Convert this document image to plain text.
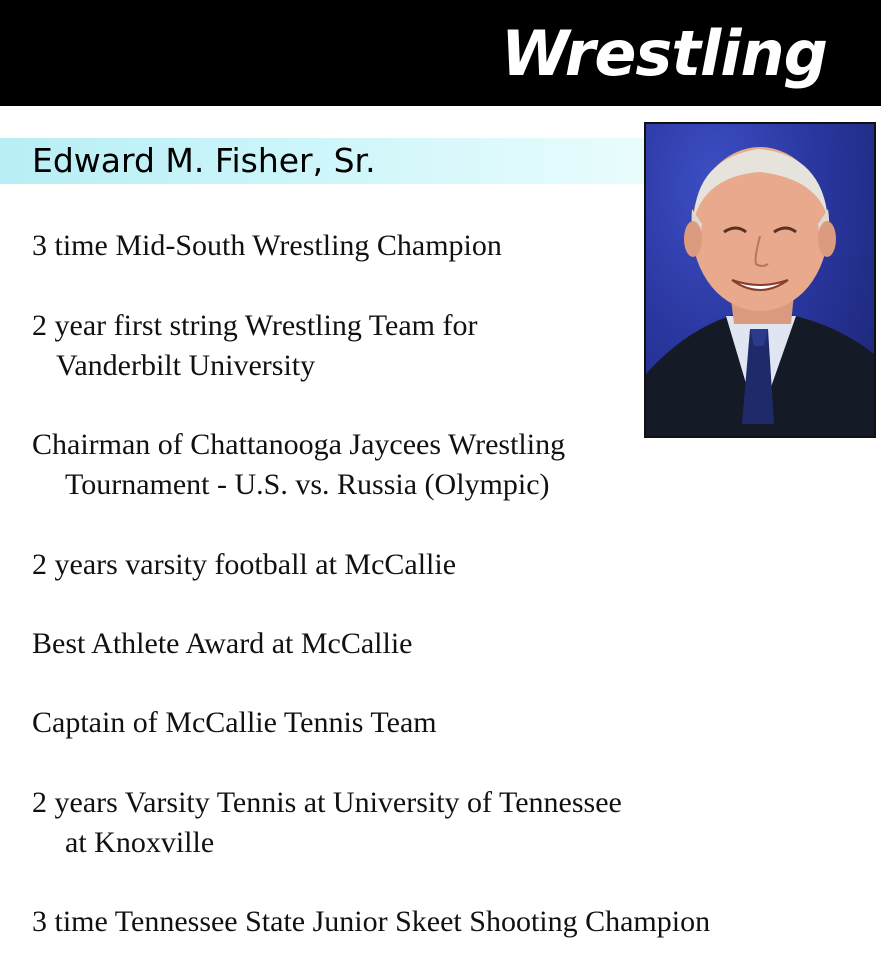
Wrestling
Edward M. Fisher, Sr.
3 time Mid-South Wrestling Champion
2 year first string Wrestling Team for
Vanderbilt University
Chairman of Chattanooga Jaycees Wrestling
Tournament - U.S. vs. Russia (Olympic)
2 years varsity football at McCallie
Best Athlete Award at McCallie
Captain of McCallie Tennis Team
2 years Varsity Tennis at University of Tennessee
at Knoxville
3 time Tennessee State Junior Skeet Shooting Champion
